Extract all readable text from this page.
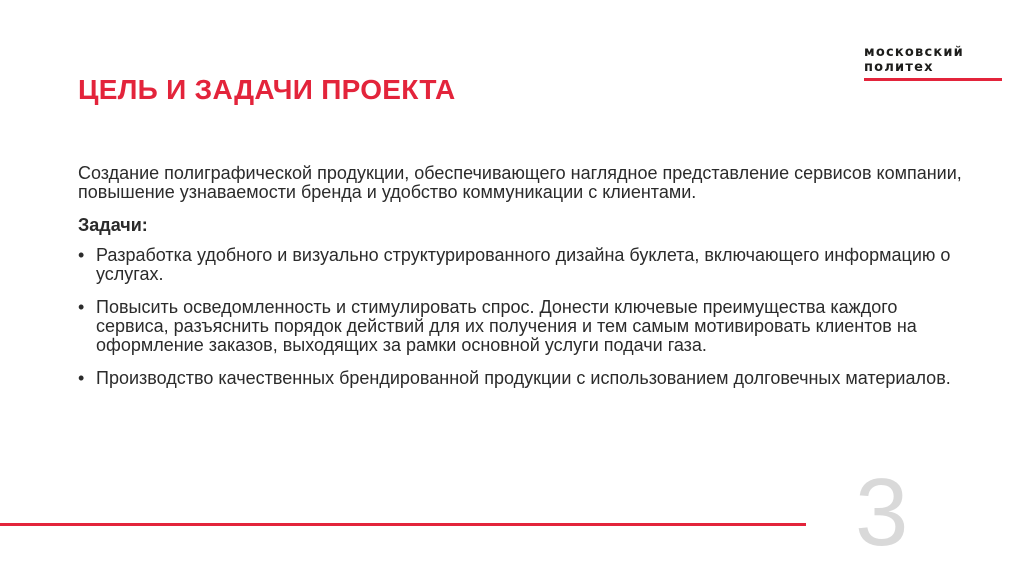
ЦЕЛЬ И ЗАДАЧИ ПРОЕКТА
московский
политех

Создание полиграфической продукции, обеспечивающего наглядное представление сервисов компании, повышение узнаваемости бренда и удобство коммуникации с клиентами.

Задачи:
• Разработка удобного и визуально структурированного дизайна буклета, включающего информацию о услугах.
• Повысить осведомленность и стимулировать спрос. Донести ключевые преимущества каждого сервиса, разъяснить порядок действий для их получения и тем самым мотивировать клиентов на оформление заказов, выходящих за рамки основной услуги подачи газа.
• Производство качественных брендированной продукции с использованием долговечных материалов.
3
